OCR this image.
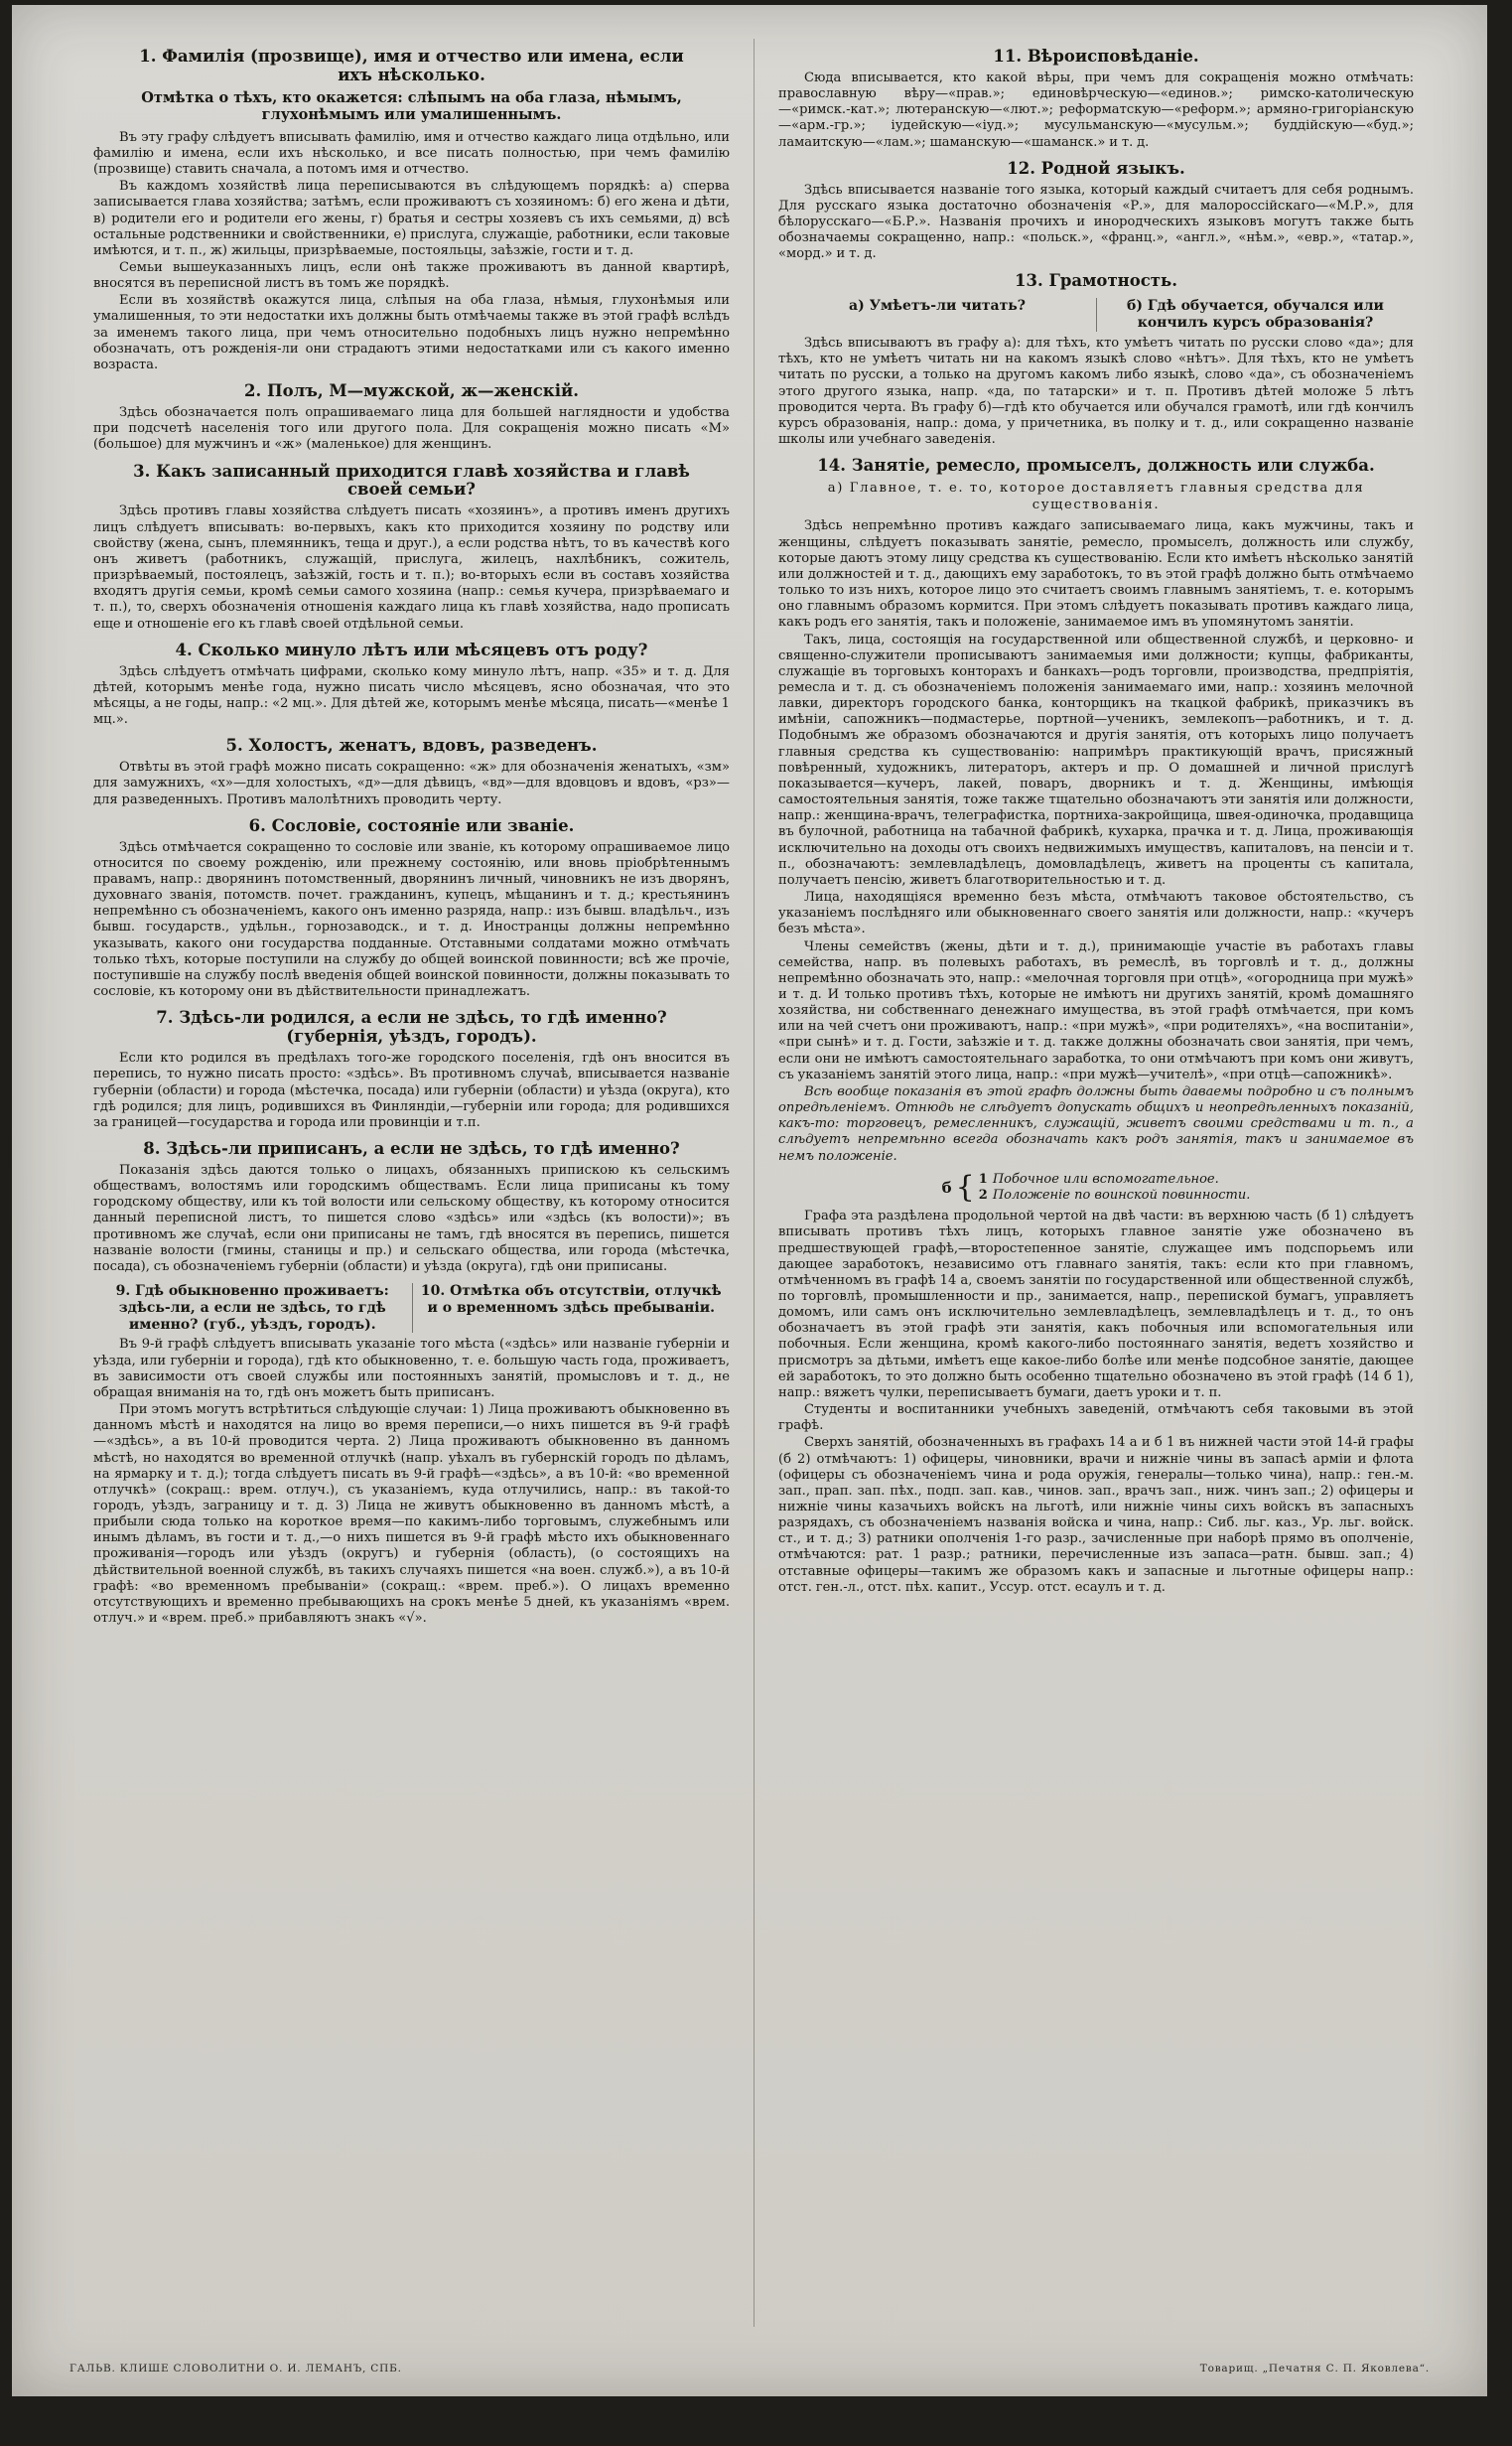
1. Фамилія (прозвище), имя и отчество или имена, если ихъ нѣсколько.
Отмѣтка о тѣхъ, кто окажется: слѣпымъ на оба глаза, нѣмымъ, глухонѣмымъ или умалишеннымъ.
Въ эту графу слѣдуетъ вписывать фамилію, имя и отчество каждаго лица отдѣльно, или фамилію и имена, если ихъ нѣсколько, и все писать полностью, при чемъ фамилію (прозвище) ставить сначала, а потомъ имя и отчество.
Въ каждомъ хозяйствѣ лица переписываются въ слѣдующемъ порядкѣ: а) сперва записывается глава хозяйства; затѣмъ, если проживаютъ съ хозяиномъ: б) его жена и дѣти, в) родители его и родители его жены, г) братья и сестры хозяевъ съ ихъ семьями, д) всѣ остальные родственники и свойственники, е) прислуга, служащіе, работники, если таковые имѣются, и т. п., ж) жильцы, призрѣваемые, постояльцы, заѣзжіе, гости и т. д.
Семьи вышеуказанныхъ лицъ, если онѣ также проживаютъ въ данной квартирѣ, вносятся въ переписной листъ въ томъ же порядкѣ.
Если въ хозяйствѣ окажутся лица, слѣпыя на оба глаза, нѣмыя, глухонѣмыя или умалишенныя, то эти недостатки ихъ должны быть отмѣчаемы также въ этой графѣ вслѣдъ за именемъ такого лица, при чемъ относительно подобныхъ лицъ нужно непремѣнно обозначать, отъ рожденія-ли они страдаютъ этими недостатками или съ какого именно возраста.
2. Полъ, М—мужской, ж—женскій.
Здѣсь обозначается полъ опрашиваемаго лица для большей наглядности и удобства при подсчетѣ населенія того или другого пола. Для сокращенія можно писать «М» (большое) для мужчинъ и «ж» (маленькое) для женщинъ.
3. Какъ записанный приходится главѣ хозяйства и главѣ своей семьи?
Здѣсь противъ главы хозяйства слѣдуетъ писать «хозяинъ», а противъ именъ другихъ лицъ слѣдуетъ вписывать: во-первыхъ, какъ кто приходится хозяину по родству или свойству (жена, сынъ, племянникъ, теща и друг.), а если родства нѣтъ, то въ качествѣ кого онъ живетъ (работникъ, служащій, прислуга, жилецъ, нахлѣбникъ, сожитель, призрѣваемый, постоялецъ, заѣзжій, гость и т. п.); во-вторыхъ если въ составъ хозяйства входятъ другія семьи, кромѣ семьи самого хозяина (напр.: семья кучера, призрѣваемаго и т. п.), то, сверхъ обозначенія отношенія каждаго лица къ главѣ хозяйства, надо прописать еще и отношеніе его къ главѣ своей отдѣльной семьи.
4. Сколько минуло лѣтъ или мѣсяцевъ отъ роду?
Здѣсь слѣдуетъ отмѣчать цифрами, сколько кому минуло лѣтъ, напр. «35» и т. д. Для дѣтей, которымъ менѣе года, нужно писать число мѣсяцевъ, ясно обозначая, что это мѣсяцы, а не годы, напр.: «2 мц.». Для дѣтей же, которымъ менѣе мѣсяца, писать—«менѣе 1 мц.».
5. Холостъ, женатъ, вдовъ, разведенъ.
Отвѣты въ этой графѣ можно писать сокращенно: «ж» для обозначенія женатыхъ, «зм» для замужнихъ, «х»—для холостыхъ, «д»—для дѣвицъ, «вд»—для вдовцовъ и вдовъ, «рз»—для разведенныхъ. Противъ малолѣтнихъ проводить черту.
6. Сословіе, состояніе или званіе.
Здѣсь отмѣчается сокращенно то сословіе или званіе, къ которому опрашиваемое лицо относится по своему рожденію, или прежнему состоянію, или вновь пріобрѣтеннымъ правамъ, напр.: дворянинъ потомственный, дворянинъ личный, чиновникъ не изъ дворянъ, духовнаго званія, потомств. почет. гражданинъ, купецъ, мѣщанинъ и т. д.; крестьянинъ непремѣнно съ обозначеніемъ, какого онъ именно разряда, напр.: изъ бывш. владѣльч., изъ бывш. государств., удѣльн., горнозаводск., и т. д. Иностранцы должны непремѣнно указывать, какого они государства подданные. Отставными солдатами можно отмѣчать только тѣхъ, которые поступили на службу до общей воинской повинности; всѣ же прочіе, поступившіе на службу послѣ введенія общей воинской повинности, должны показывать то сословіе, къ которому они въ дѣйствительности принадлежатъ.
7. Здѣсь-ли родился, а если не здѣсь, то гдѣ именно? (губернія, уѣздъ, городъ).
Если кто родился въ предѣлахъ того-же городского поселенія, гдѣ онъ вносится въ перепись, то нужно писать просто: «здѣсь». Въ противномъ случаѣ, вписывается названіе губерніи (области) и города (мѣстечка, посада) или губерніи (области) и уѣзда (округа), кто гдѣ родился; для лицъ, родившихся въ Финляндіи,—губерніи или города; для родившихся за границей—государства и города или провинціи и т.п.
8. Здѣсь-ли приписанъ, а если не здѣсь, то гдѣ именно?
Показанія здѣсь даются только о лицахъ, обязанныхъ припискою къ сельскимъ обществамъ, волостямъ или городскимъ обществамъ. Если лица приписаны къ тому городскому обществу, или къ той волости или сельскому обществу, къ которому относится данный переписной листъ, то пишется слово «здѣсь» или «здѣсь (къ волости)»; въ противномъ же случаѣ, если они приписаны не тамъ, гдѣ вносятся въ перепись, пишется названіе волости (гмины, станицы и пр.) и сельскаго общества, или города (мѣстечка, посада), съ обозначеніемъ губерніи (области) и уѣзда (округа), гдѣ они приписаны.
9. Гдѣ обыкновенно проживаетъ: здѣсь-ли, а если не здѣсь, то гдѣ именно? (губ., уѣздъ, городъ).
10. Отмѣтка объ отсутствіи, отлучкѣ и о временномъ здѣсь пребываніи.
Въ 9-й графѣ слѣдуетъ вписывать указаніе того мѣста («здѣсь» или названіе губерніи и уѣзда, или губерніи и города), гдѣ кто обыкновенно, т. е. большую часть года, проживаетъ, въ зависимости отъ своей службы или постоянныхъ занятій, промысловъ и т. д., не обращая вниманія на то, гдѣ онъ можетъ быть приписанъ.
При этомъ могутъ встрѣтиться слѣдующіе случаи: 1) Лица проживаютъ обыкновенно въ данномъ мѣстѣ и находятся на лицо во время переписи,—о нихъ пишется въ 9-й графѣ—«здѣсь», а въ 10-й проводится черта. 2) Лица проживаютъ обыкновенно въ данномъ мѣстѣ, но находятся во временной отлучкѣ (напр. уѣхалъ въ губернскій городъ по дѣламъ, на ярмарку и т. д.); тогда слѣдуетъ писать въ 9-й графѣ—«здѣсь», а въ 10-й: «во временной отлучкѣ» (сокращ.: врем. отлуч.), съ указаніемъ, куда отлучились, напр.: въ такой-то городъ, уѣздъ, заграницу и т. д. 3) Лица не живутъ обыкновенно въ данномъ мѣстѣ, а прибыли сюда только на короткое время—по какимъ-либо торговымъ, служебнымъ или инымъ дѣламъ, въ гости и т. д.,—о нихъ пишется въ 9-й графѣ мѣсто ихъ обыкновеннаго проживанія—городъ или уѣздъ (округъ) и губернія (область), (о состоящихъ на дѣйствительной военной службѣ, въ такихъ случаяхъ пишется «на воен. служб.»), а въ 10-й графѣ: «во временномъ пребываніи» (сокращ.: «врем. преб.»). О лицахъ временно отсутствующихъ и временно пребывающихъ на срокъ менѣе 5 дней, къ указаніямъ «врем. отлуч.» и «врем. преб.» прибавляютъ знакъ «√».
11. Вѣроисповѣданіе.
Сюда вписывается, кто какой вѣры, при чемъ для сокращенія можно отмѣчать: православную вѣру—«прав.»; единовѣрческую—«единов.»; римско-католическую—«римск.-кат.»; лютеранскую—«лют.»; реформатскую—«реформ.»; армяно-григоріанскую—«арм.-гр.»; іудейскую—«іуд.»; мусульманскую—«мусульм.»; буддійскую—«буд.»; ламаитскую—«лам.»; шаманскую—«шаманск.» и т. д.
12. Родной языкъ.
Здѣсь вписывается названіе того языка, который каждый считаетъ для себя роднымъ. Для русскаго языка достаточно обозначенія «Р.», для малороссійскаго—«М.Р.», для бѣлорусскаго—«Б.Р.». Названія прочихъ и инородческихъ языковъ могутъ также быть обозначаемы сокращенно, напр.: «польск.», «франц.», «англ.», «нѣм.», «евр.», «татар.», «морд.» и т. д.
13. Грамотность.
а) Умѣетъ-ли читать?	б) Гдѣ обучается, обучался или кончилъ курсъ образованія?
Здѣсь вписываютъ въ графу а): для тѣхъ, кто умѣетъ читать по русски слово «да»; для тѣхъ, кто не умѣетъ читать ни на какомъ языкѣ слово «нѣтъ». Для тѣхъ, кто не умѣетъ читать по русски, а только на другомъ какомъ либо языкѣ, слово «да», съ обозначеніемъ этого другого языка, напр. «да, по татарски» и т. п. Противъ дѣтей моложе 5 лѣтъ проводится черта. Въ графу б)—гдѣ кто обучается или обучался грамотѣ, или гдѣ кончилъ курсъ образованія, напр.: дома, у причетника, въ полку и т. д., или сокращенно названіе школы или учебнаго заведенія.
14. Занятіе, ремесло, промыселъ, должность или служба.
а) Главное, т. е. то, которое доставляетъ главныя средства для существованія.
Здѣсь непремѣнно противъ каждаго записываемаго лица, какъ мужчины, такъ и женщины, слѣдуетъ показывать занятіе, ремесло, промыселъ, должность или службу, которые даютъ этому лицу средства къ существованію. Если кто имѣетъ нѣсколько занятій или должностей и т. д., дающихъ ему заработокъ, то въ этой графѣ должно быть отмѣчаемо только то изъ нихъ, которое лицо это считаетъ своимъ главнымъ занятіемъ, т. е. которымъ оно главнымъ образомъ кормится. При этомъ слѣдуетъ показывать противъ каждаго лица, какъ родъ его занятія, такъ и положеніе, занимаемое имъ въ упомянутомъ занятіи.
Такъ, лица, состоящія на государственной или общественной службѣ, и церковно- и священно-служители прописываютъ занимаемыя ими должности; купцы, фабриканты, служащіе въ торговыхъ конторахъ и банкахъ—родъ торговли, производства, предпріятія, ремесла и т. д. съ обозначеніемъ положенія занимаемаго ими, напр.: хозяинъ мелочной лавки, директоръ городского банка, конторщикъ на ткацкой фабрикѣ, приказчикъ въ имѣніи, сапожникъ—подмастерье, портной—ученикъ, землекопъ—работникъ, и т. д. Подобнымъ же образомъ обозначаются и другія занятія, отъ которыхъ лицо получаетъ главныя средства къ существованію: напримѣръ практикующій врачъ, присяжный повѣренный, художникъ, литераторъ, актеръ и пр. О домашней и личной прислугѣ показывается—кучеръ, лакей, поваръ, дворникъ и т. д. Женщины, имѣющія самостоятельныя занятія, тоже также тщательно обозначаютъ эти занятія или должности, напр.: женщина-врачъ, телеграфистка, портниха-закройщица, швея-одиночка, продавщица въ булочной, работница на табачной фабрикѣ, кухарка, прачка и т. д. Лица, проживающія исключительно на доходы отъ своихъ недвижимыхъ имуществъ, капиталовъ, на пенсіи и т. п., обозначаютъ: землевладѣлецъ, домовладѣлецъ, живетъ на проценты съ капитала, получаетъ пенсію, живетъ благотворительностью и т. д.
Лица, находящіяся временно безъ мѣста, отмѣчаютъ таковое обстоятельство, съ указаніемъ послѣдняго или обыкновеннаго своего занятія или должности, напр.: «кучеръ безъ мѣста».
Члены семействъ (жены, дѣти и т. д.), принимающіе участіе въ работахъ главы семейства, напр. въ полевыхъ работахъ, въ ремеслѣ, въ торговлѣ и т. д., должны непремѣнно обозначать это, напр.: «мелочная торговля при отцѣ», «огородница при мужѣ» и т. д. И только противъ тѣхъ, которые не имѣютъ ни другихъ занятій, кромѣ домашняго хозяйства, ни собственнаго денежнаго имущества, въ этой графѣ отмѣчается, при комъ или на чей счетъ они проживаютъ, напр.: «при мужѣ», «при родителяхъ», «на воспитаніи», «при сынѣ» и т. д. Гости, заѣзжіе и т. д. также должны обозначать свои занятія, при чемъ, если они не имѣютъ самостоятельнаго заработка, то они отмѣчаютъ при комъ они живутъ, съ указаніемъ занятій этого лица, напр.: «при мужѣ—учителѣ», «при отцѣ—сапожникѣ».
Всѣ вообще показанія въ этой графѣ должны быть даваемы подробно и съ полнымъ опредѣленіемъ. Отнюдь не слѣдуетъ допускать общихъ и неопредѣленныхъ показаній, какъ-то: торговецъ, ремесленникъ, служащій, живетъ своими средствами и т. п., а слѣдуетъ непремѣнно всегда обозначать какъ родъ занятія, такъ и занимаемое въ немъ положеніе.
б { 1 Побочное или вспомогательное.
2 Положеніе по воинской повинности.
Графа эта раздѣлена продольной чертой на двѣ части: въ верхнюю часть (б 1) слѣдуетъ вписывать противъ тѣхъ лицъ, которыхъ главное занятіе уже обозначено въ предшествующей графѣ,—второстепенное занятіе, служащее имъ подспорьемъ или дающее заработокъ, независимо отъ главнаго занятія, такъ: если кто при главномъ, отмѣченномъ въ графѣ 14 а, своемъ занятіи по государственной или общественной службѣ, по торговлѣ, промышленности и пр., занимается, напр., перепиской бумагъ, управляетъ домомъ, или самъ онъ исключительно землевладѣлецъ, землевладѣлецъ и т. д., то онъ обозначаетъ въ этой графѣ эти занятія, какъ побочныя или вспомогательныя или побочныя. Если женщина, кромѣ какого-либо постояннаго занятія, ведетъ хозяйство и присмотръ за дѣтьми, имѣетъ еще какое-либо болѣе или менѣе подсобное занятіе, дающее ей заработокъ, то это должно быть особенно тщательно обозначено въ этой графѣ (14 б 1), напр.: вяжетъ чулки, переписываетъ бумаги, даетъ уроки и т. п.
Студенты и воспитанники учебныхъ заведеній, отмѣчаютъ себя таковыми въ этой графѣ.
Сверхъ занятій, обозначенныхъ въ графахъ 14 а и б 1 въ нижней части этой 14-й графы (б 2) отмѣчаютъ: 1) офицеры, чиновники, врачи и нижніе чины въ запасѣ арміи и флота (офицеры съ обозначеніемъ чина и рода оружія, генералы—только чина), напр.: ген.-м. зап., прап. зап. пѣх., подп. зап. кав., чинов. зап., врачъ зап., ниж. чинъ зап.; 2) офицеры и нижніе чины казачьихъ войскъ на льготѣ, или нижніе чины сихъ войскъ въ запасныхъ разрядахъ, съ обозначеніемъ названія войска и чина, напр.: Сиб. льг. каз., Ур. льг. войск. ст., и т. д.; 3) ратники ополченія 1-го разр., зачисленные при наборѣ прямо въ ополченіе, отмѣчаются: рат. 1 разр.; ратники, перечисленные изъ запаса—ратн. бывш. зап.; 4) отставные офицеры—такимъ же образомъ какъ и запасные и льготные офицеры напр.: отст. ген.-л., отст. пѣх. капит., Уссур. отст. есаулъ и т. д.
ГАЛЬВ. КЛИШЕ СЛОВОЛИТНИ О. И. ЛЕМАНЪ, СПБ.	Товарищ. „Печатня С. П. Яковлева“.
